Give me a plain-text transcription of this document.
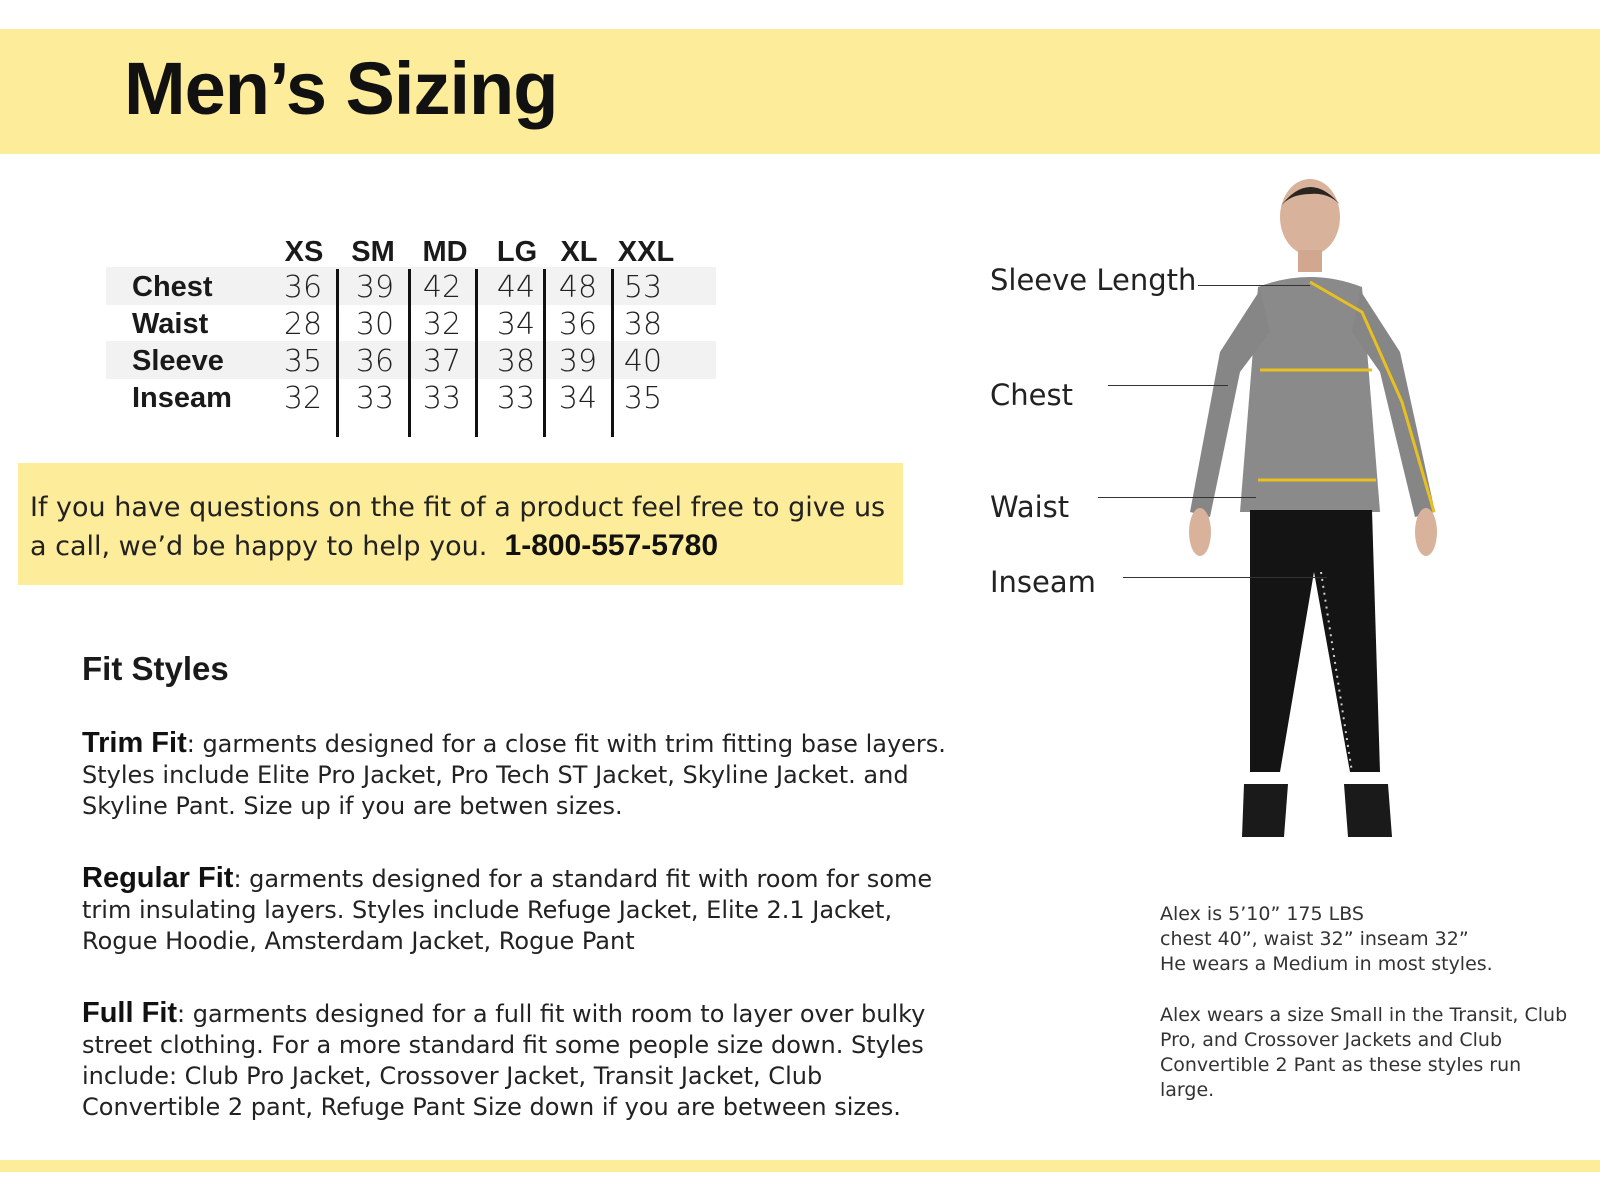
Men’s Sizing
XS SM MD	LG XL XXL
Chest	36	39 42	44 48 53
Waist	28	30 32	34 36 38
Sleeve	35	36 37	38 39 40
Inseam	32	33 33	33 34 35

If you have questions on the fit of a product feel free to give us a call, we’d be happy to help you. 1-800-557-5780

Fit Styles

Trim Fit: garments designed for a close fit with trim fitting base layers. Styles include Elite Pro Jacket, Pro Tech ST Jacket, Skyline Jacket. and Skyline Pant. Size up if you are betwen sizes.

Regular Fit: garments designed for a standard fit with room for some trim insulating layers. Styles include Refuge Jacket, Elite 2.1 Jacket, Rogue Hoodie, Amsterdam Jacket, Rogue Pant

Full Fit: garments designed for a full fit with room to layer over bulky street clothing. For a more standard fit some people size down. Styles include: Club Pro Jacket, Crossover Jacket, Transit Jacket, Club Convertible 2 pant, Refuge Pant Size down if you are between sizes.

Sleeve Length
Chest
Waist
Inseam

Alex is 5’10” 175 LBS
chest 40”, waist 32” inseam 32”
He wears a Medium in most styles.

Alex wears a size Small in the Transit, Club Pro, and Crossover Jackets and Club Convertible 2 Pant as these styles run large.
